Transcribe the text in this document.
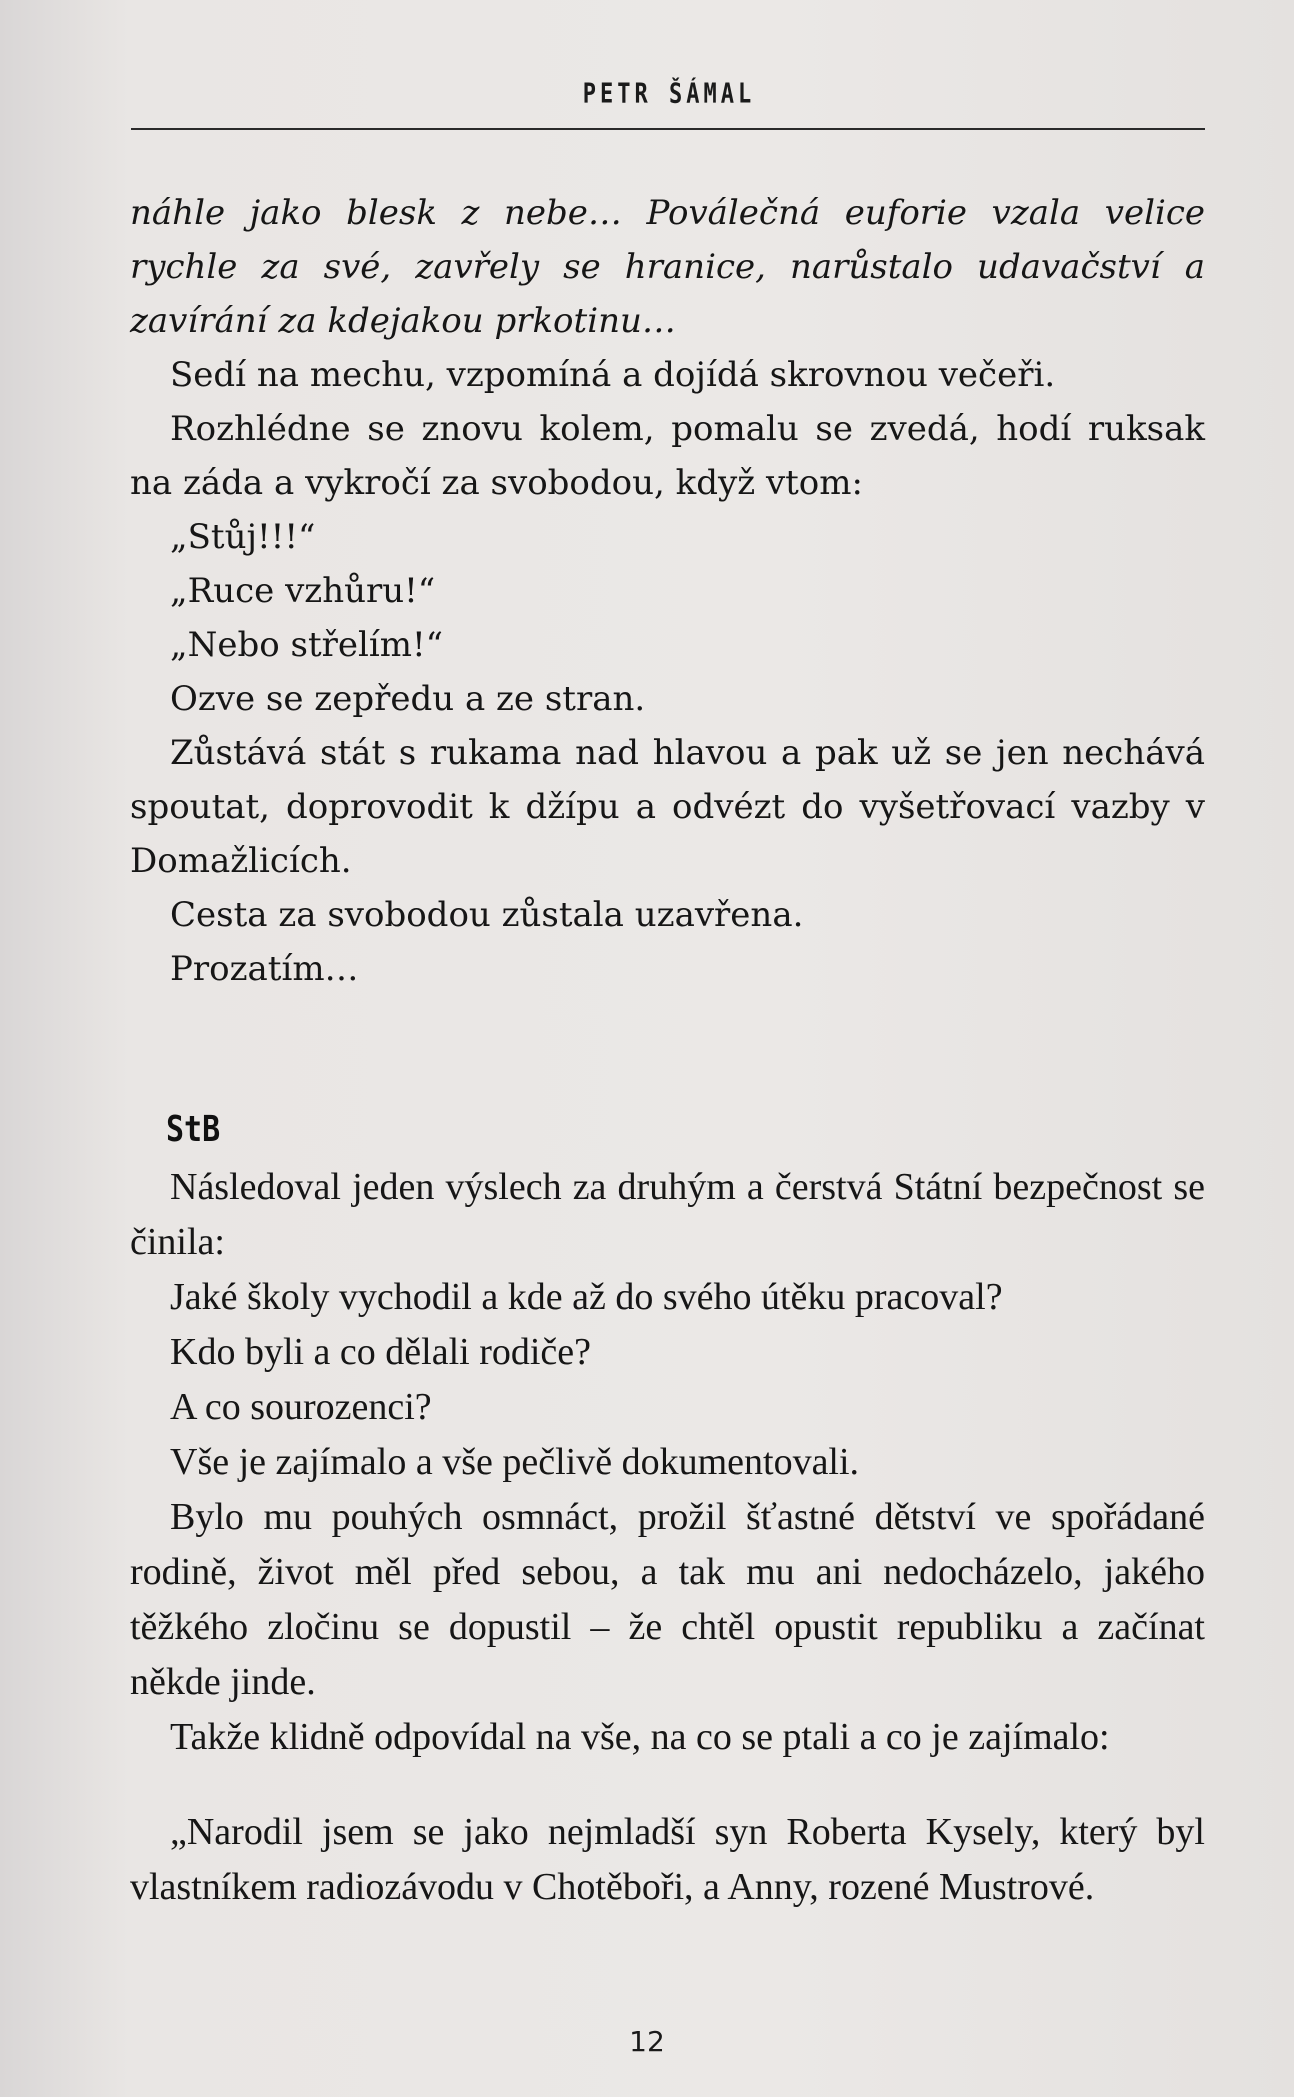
PETR ŠÁMAL

náhle jako blesk z nebe… Poválečná euforie vzala velice rychle za své, zavřely se hranice, narůstalo udavačství a zavírání za kdejakou prkotinu…

Sedí na mechu, vzpomíná a dojídá skrovnou večeři.

Rozhlédne se znovu kolem, pomalu se zvedá, hodí ruksak na záda a vykročí za svobodou, když vtom:

„Stůj!!!“

„Ruce vzhůru!“

„Nebo střelím!“

Ozve se zepředu a ze stran.

Zůstává stát s rukama nad hlavou a pak už se jen nechává spoutat, doprovodit k džípu a odvézt do vyšetřovací vazby v Domažlicích.

Cesta za svobodou zůstala uzavřena.

Prozatím…

StB

Následoval jeden výslech za druhým a čerstvá Státní bezpečnost se činila:

Jaké školy vychodil a kde až do svého útěku pracoval?

Kdo byli a co dělali rodiče?

A co sourozenci?

Vše je zajímalo a vše pečlivě dokumentovali.

Bylo mu pouhých osmnáct, prožil šťastné dětství ve spořádané rodině, život měl před sebou, a tak mu ani nedocházelo, jakého těžkého zločinu se dopustil – že chtěl opustit republiku a začínat někde jinde.

Takže klidně odpovídal na vše, na co se ptali a co je zajímalo:

„Narodil jsem se jako nejmladší syn Roberta Kysely, který byl vlastníkem radiozávodu v Chotěboři, a Anny, rozené Mustrové.

12
